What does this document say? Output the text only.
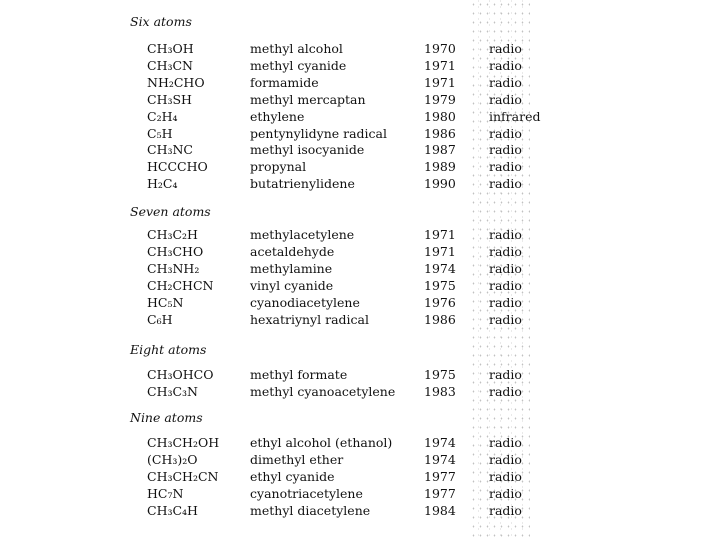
Six atoms
CH₃OH	methyl alcohol	1970	radio
CH₃CN	methyl cyanide	1971	radio
NH₂CHO	formamide	1971	radio
CH₃SH	methyl mercaptan	1979	radio
C₂H₄	ethylene	1980	infrared
C₅H	pentynylidyne radical	1986	radio
CH₃NC	methyl isocyanide	1987	radio
HCCCHO	propynal	1989	radio
H₂C₄	butatrienylidene	1990	radio
Seven atoms
CH₃C₂H	methylacetylene	1971	radio
CH₃CHO	acetaldehyde	1971	radio
CH₃NH₂	methylamine	1974	radio
CH₂CHCN	vinyl cyanide	1975	radio
HC₅N	cyanodiacetylene	1976	radio
C₆H	hexatriynyl radical	1986	radio
Eight atoms
CH₃OHCO	methyl formate	1975	radio
CH₃C₃N	methyl cyanoacetylene 1983	radio
Nine atoms
CH₃CH₂OH ethyl alcohol (ethanol)	1974	radio
(CH₃)₂O	dimethyl ether	1974	radio
CH₃CH₂CN	ethyl cyanide	1977	radio
HC₇N	cyanotriacetylene	1977	radio
CH₃C₄H	methyl diacetylene	1984	radio
